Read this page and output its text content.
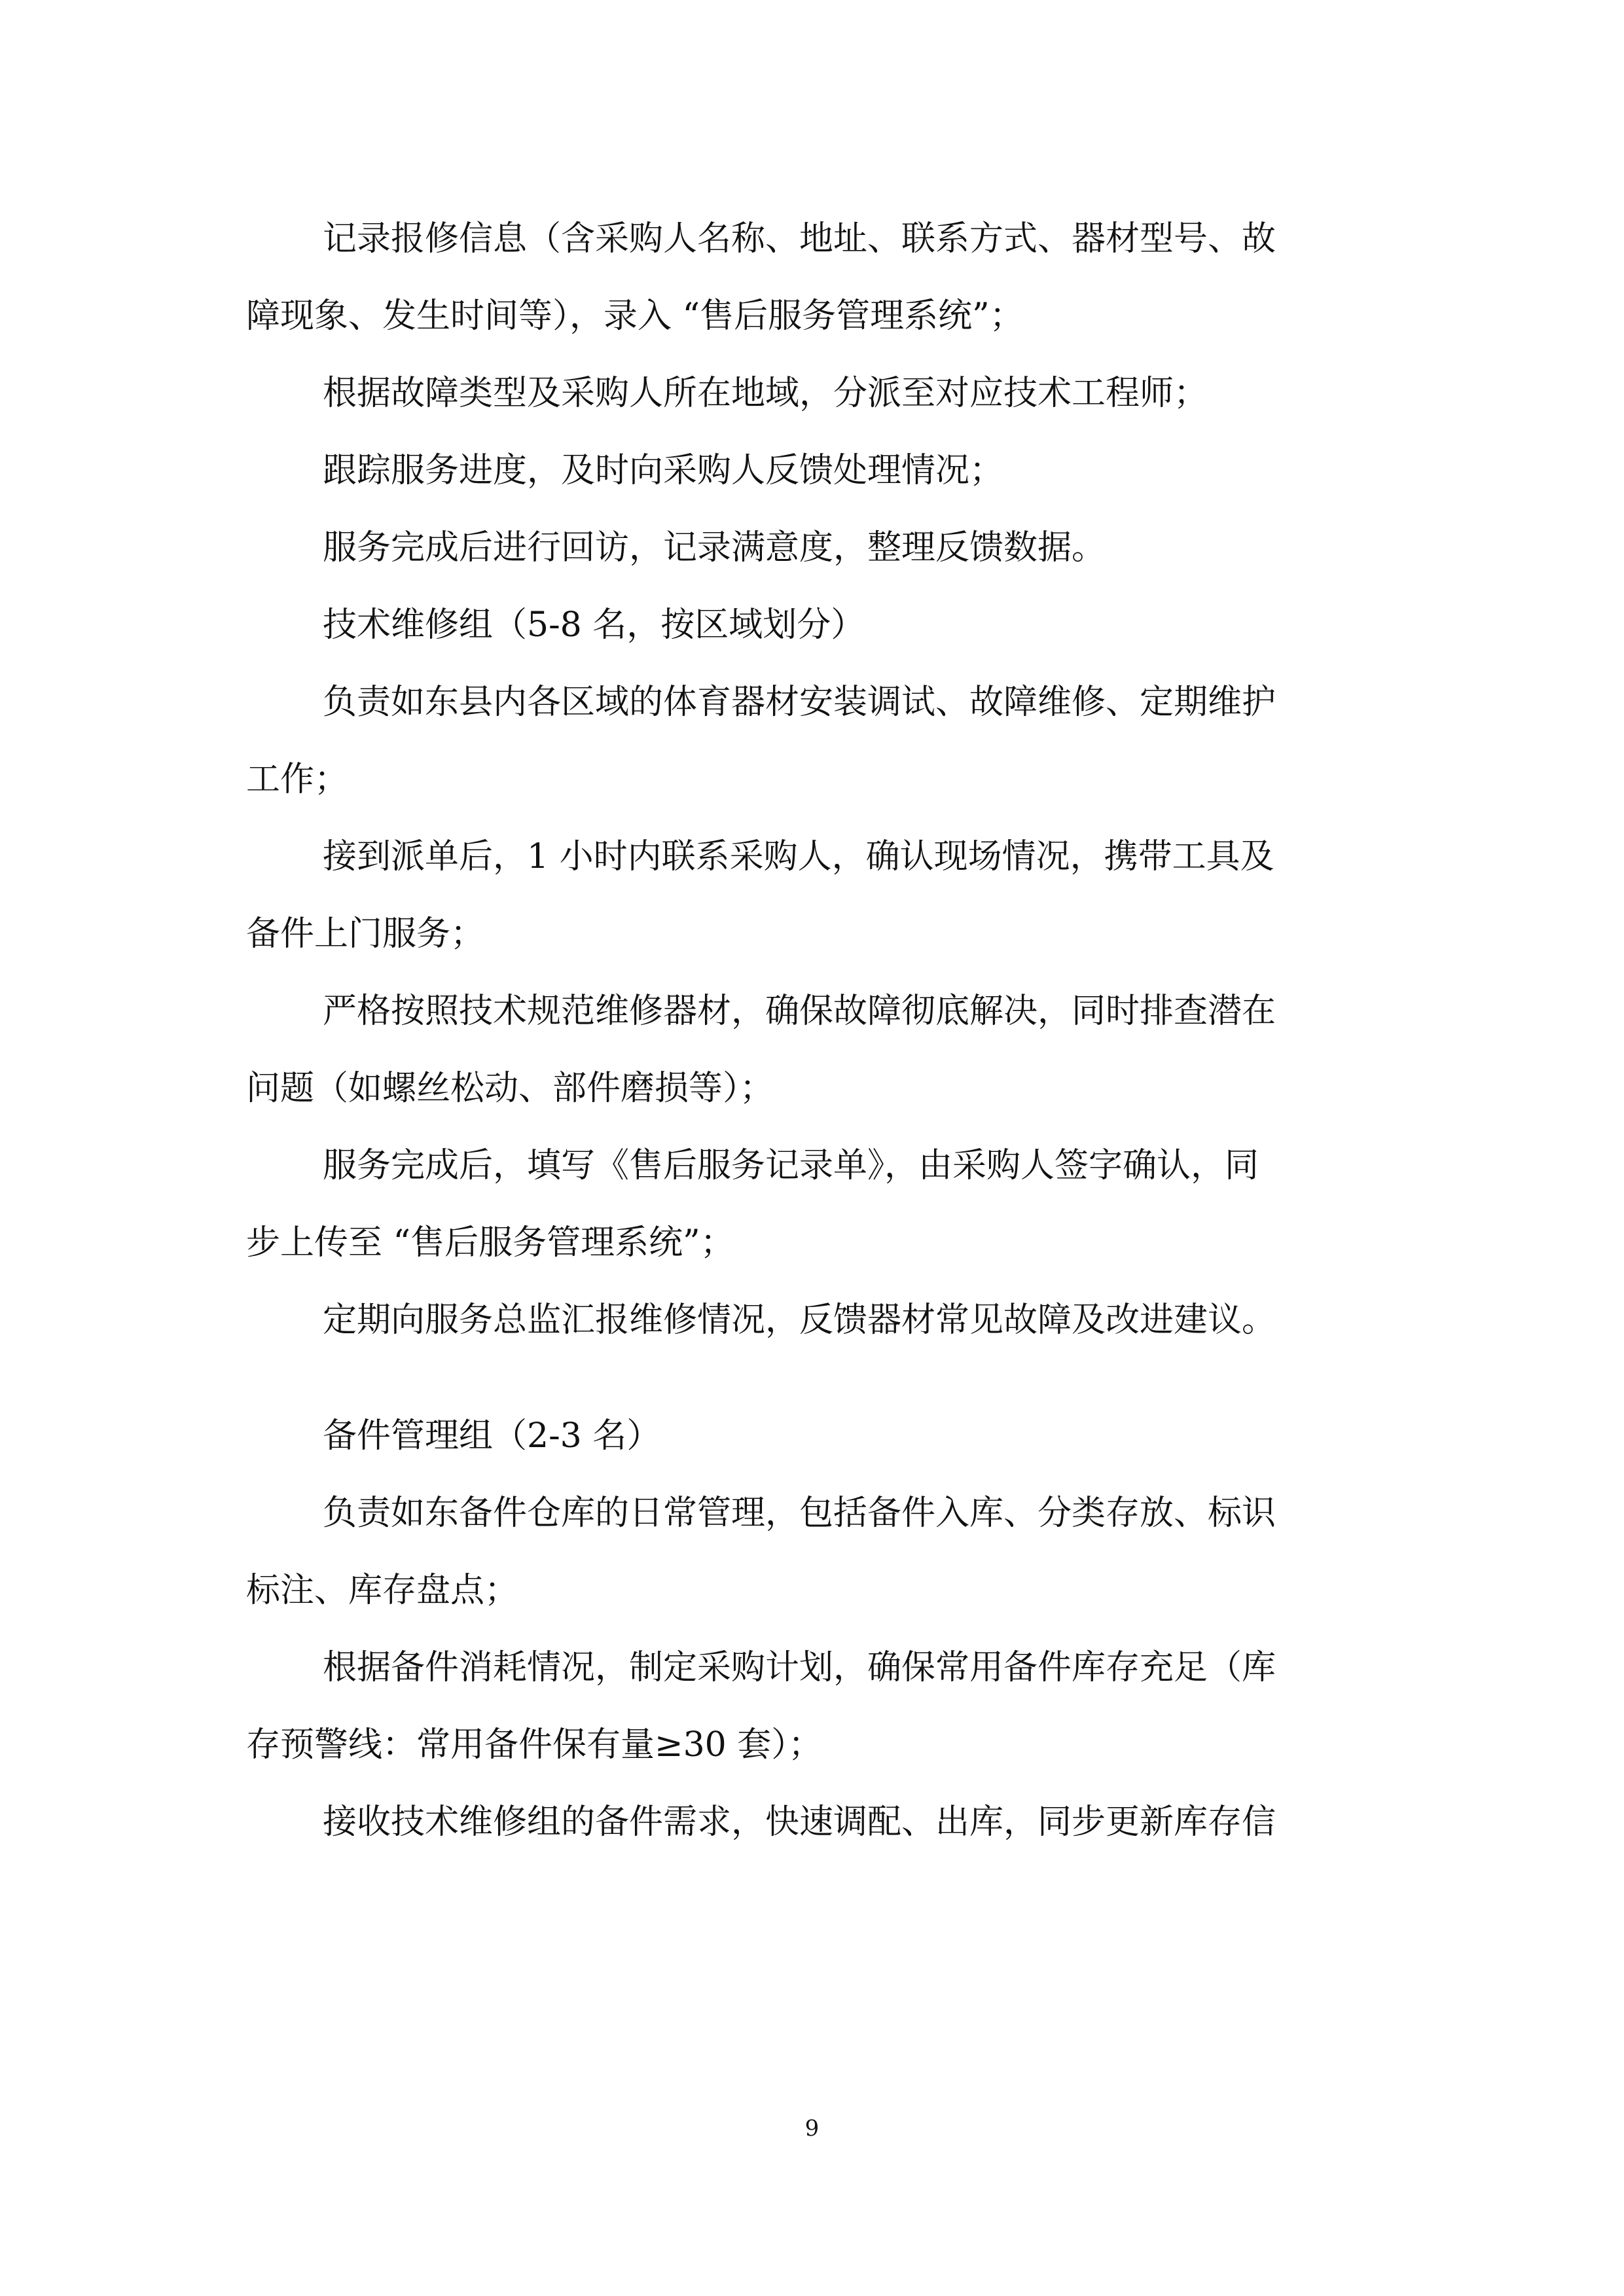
记录报修信息（含采购人名称、地址、联系方式、器材型号、故
障现象、发生时间等），录入 “售后服务管理系统”；
根据故障类型及采购人所在地域，分派至对应技术工程师；
跟踪服务进度，及时向采购人反馈处理情况；
服务完成后进行回访，记录满意度，整理反馈数据。
技术维修组（5-8 名，按区域划分）
负责如东县内各区域的体育器材安装调试、故障维修、定期维护
工作；
接到派单后，1 小时内联系采购人，确认现场情况，携带工具及
备件上门服务；
严格按照技术规范维修器材，确保故障彻底解决，同时排查潜在
问题（如螺丝松动、部件磨损等）；
服务完成后，填写《售后服务记录单》，由采购人签字确认，同
步上传至 “售后服务管理系统”；
定期向服务总监汇报维修情况，反馈器材常见故障及改进建议。
备件管理组（2-3 名）
负责如东备件仓库的日常管理，包括备件入库、分类存放、标识
标注、库存盘点；
根据备件消耗情况，制定采购计划，确保常用备件库存充足（库
存预警线：常用备件保有量≥30 套）；
接收技术维修组的备件需求，快速调配、出库，同步更新库存信
9
